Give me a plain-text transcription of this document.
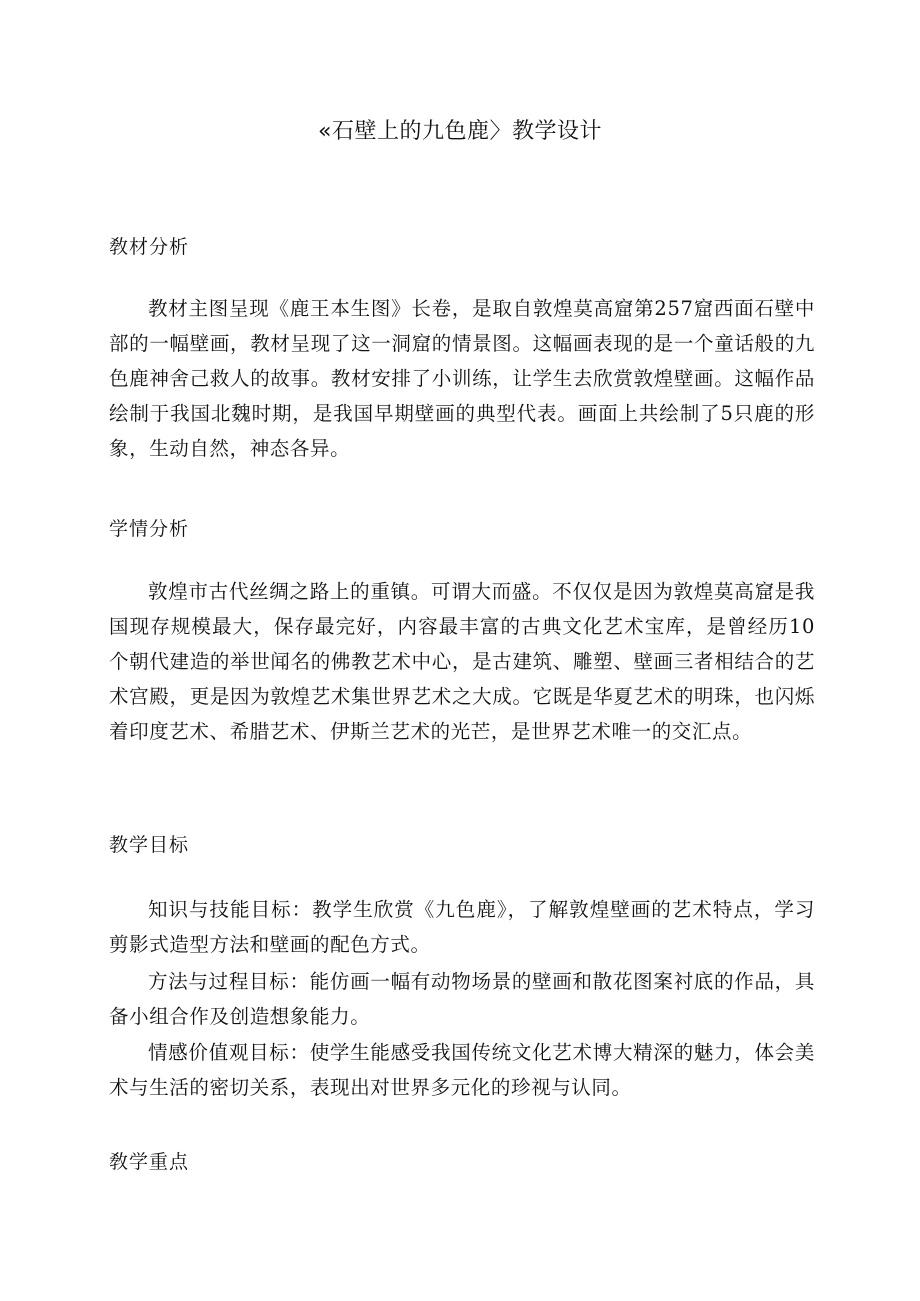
«石壁上的九色鹿〉教学设计
敎材分析

教材主图呈现《鹿王本生图》长卷，是取自敦煌莫高窟第257窟西面石壁中部的一幅壁画，教材呈现了这一洞窟的情景图。这幅画表现的是一个童话般的九色鹿神舍己救人的故事。教材安排了小训练，让学生去欣赏敦煌壁画。这幅作品绘制于我国北魏时期，是我国早期壁画的典型代表。画面上共绘制了5只鹿的形象，生动自然，神态各异。

学情分析

敦煌市古代丝绸之路上的重镇。可谓大而盛。不仅仅是因为敦煌莫高窟是我国现存规模最大，保存最完好，内容最丰富的古典文化艺术宝库，是曾经历10个朝代建造的举世闻名的佛教艺术中心，是古建筑、雕塑、壁画三者相结合的艺术宫殿，更是因为敦煌艺术集世界艺术之大成。它既是华夏艺术的明珠，也闪烁着印度艺术、希腊艺术、伊斯兰艺术的光芒，是世界艺术唯一的交汇点。

教学目标

知识与技能目标：教学生欣赏《九色鹿》，了解敦煌壁画的艺术特点，学习剪影式造型方法和壁画的配色方式。

方法与过程目标：能仿画一幅有动物场景的壁画和散花图案衬底的作品，具备小组合作及创造想象能力。

情感价值观目标：使学生能感受我国传统文化艺术博大精深的魅力，体会美术与生活的密切关系，表现出对世界多元化的珍视与认同。

敎学重点
